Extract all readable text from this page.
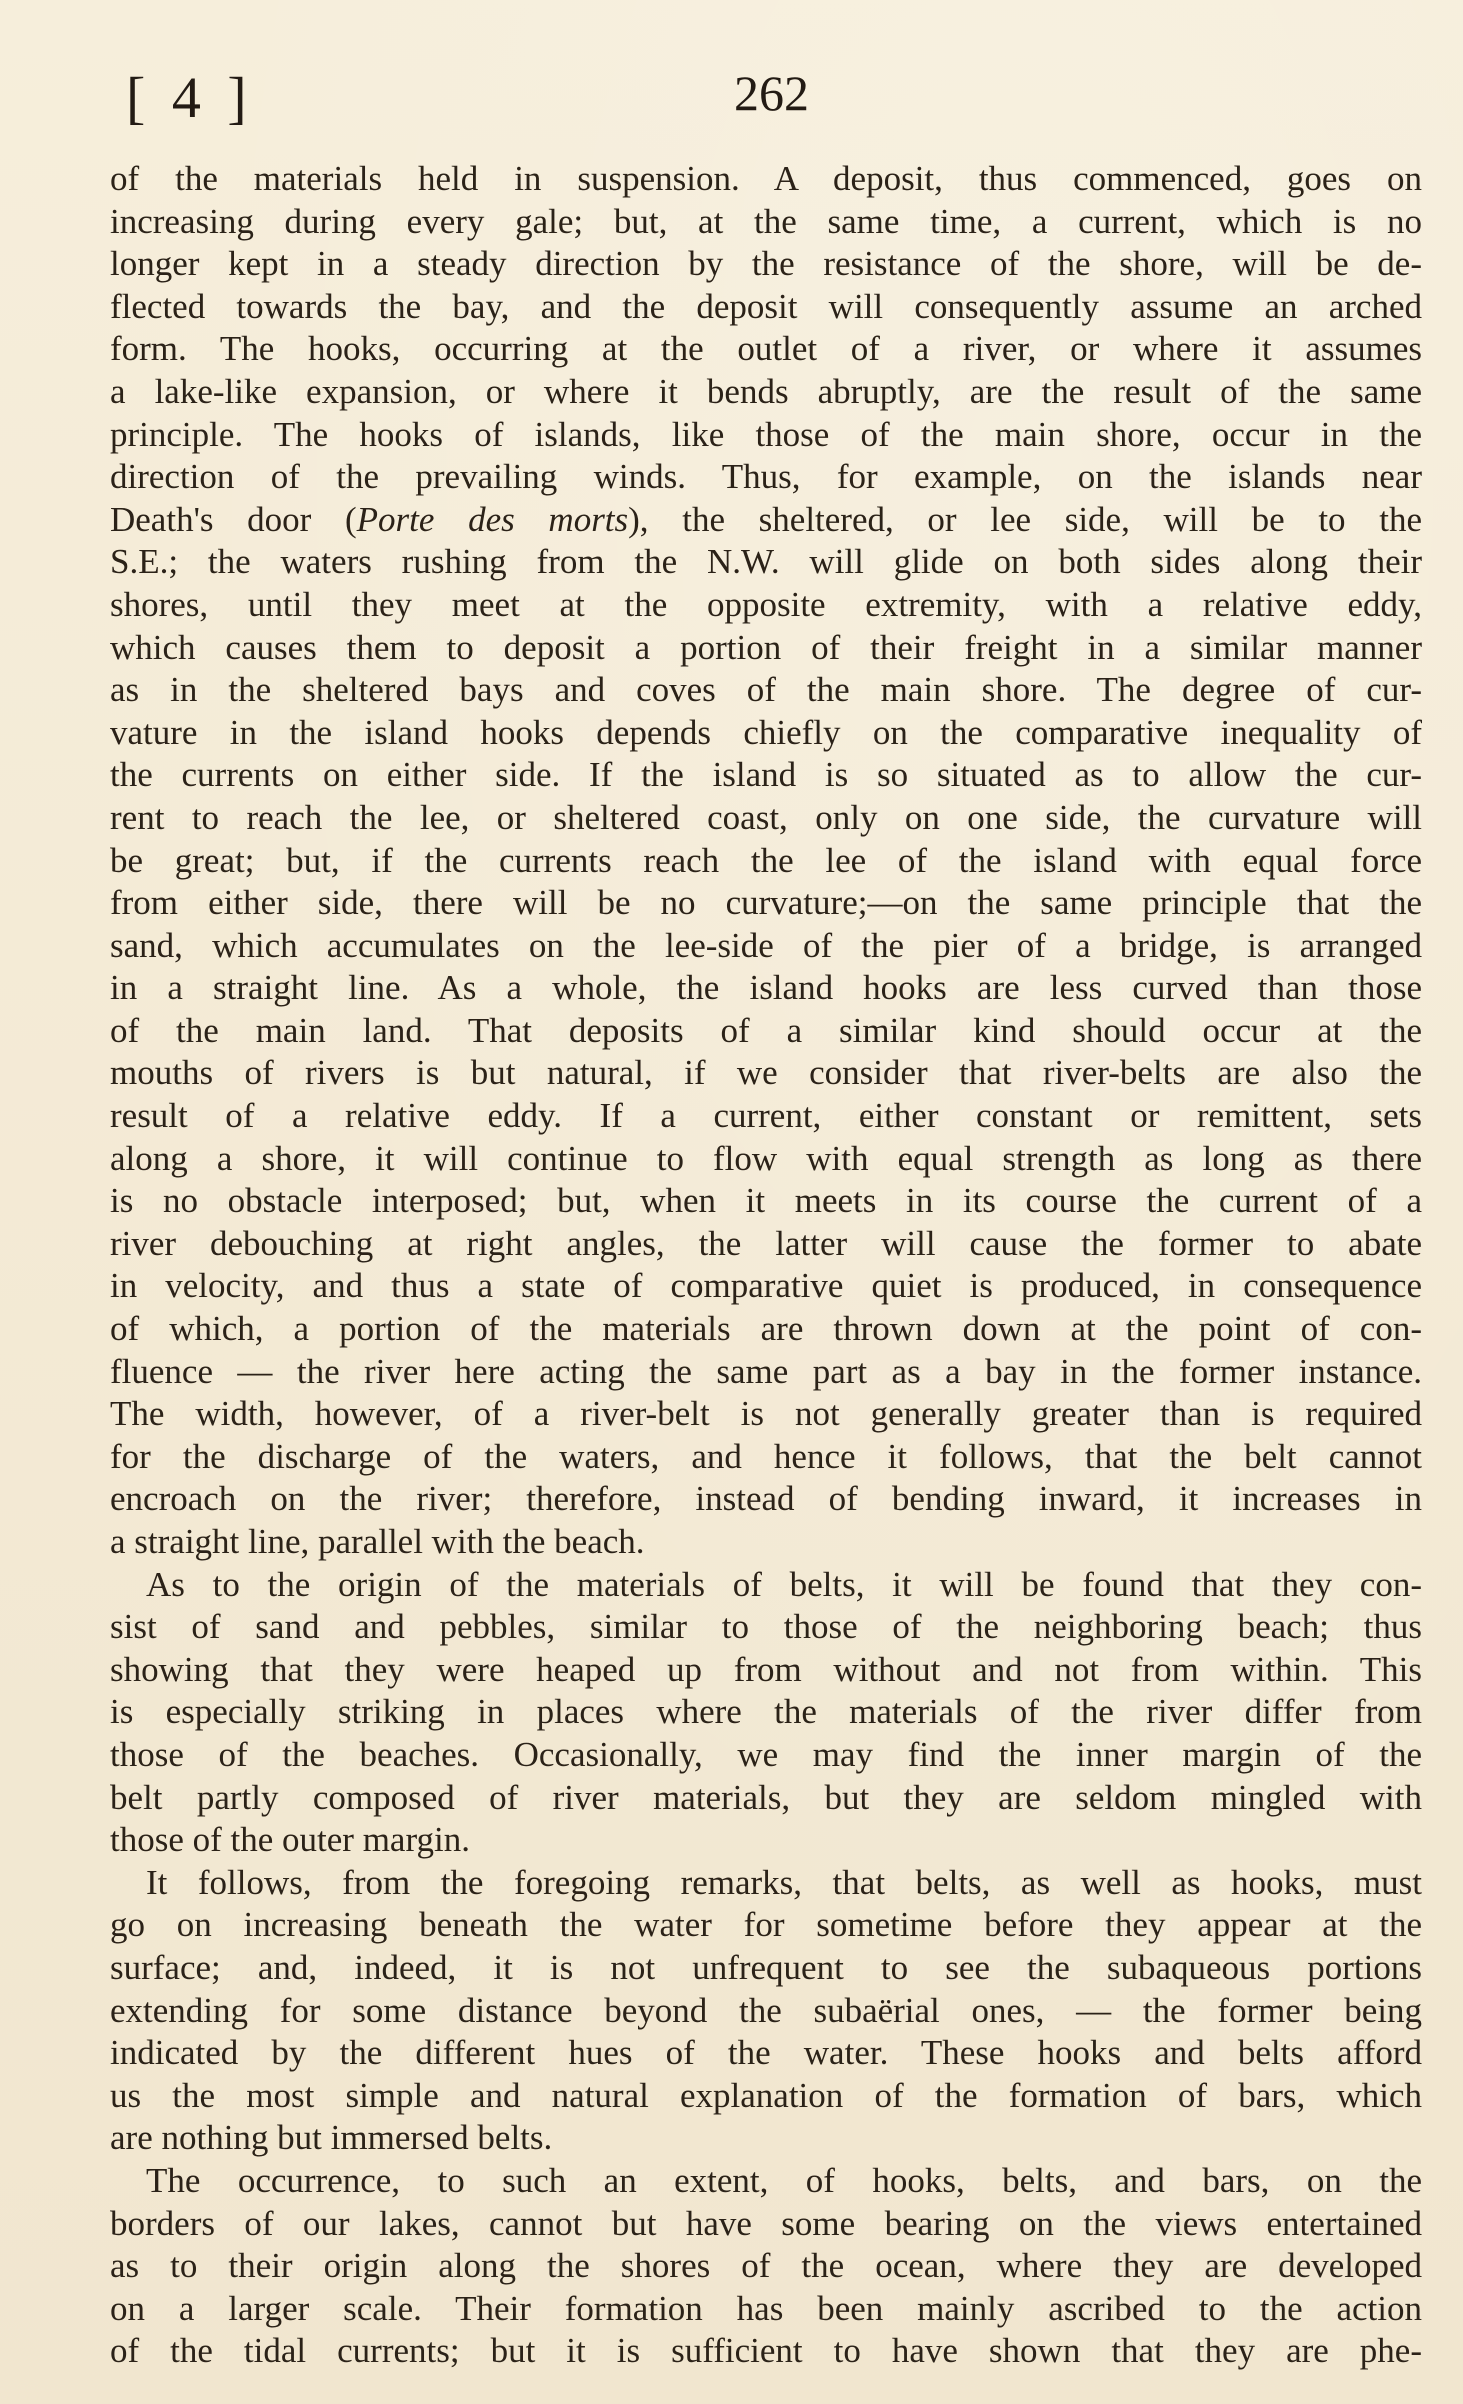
[ 4 ]	262
of the materials held in suspension. A deposit, thus commenced, goes on
increasing during every gale; but, at the same time, a current, which is no
longer kept in a steady direction by the resistance of the shore, will be de-
flected towards the bay, and the deposit will consequently assume an arched
form. The hooks, occurring at the outlet of a river, or where it assumes
a lake-like expansion, or where it bends abruptly, are the result of the same
principle. The hooks of islands, like those of the main shore, occur in the
direction of the prevailing winds. Thus, for example, on the islands near
Death's door (Porte des morts), the sheltered, or lee side, will be to the
S.E.; the waters rushing from the N.W. will glide on both sides along their
shores, until they meet at the opposite extremity, with a relative eddy,
which causes them to deposit a portion of their freight in a similar manner
as in the sheltered bays and coves of the main shore. The degree of cur-
vature in the island hooks depends chiefly on the comparative inequality of
the currents on either side. If the island is so situated as to allow the cur-
rent to reach the lee, or sheltered coast, only on one side, the curvature will
be great; but, if the currents reach the lee of the island with equal force
from either side, there will be no curvature;—on the same principle that the
sand, which accumulates on the lee-side of the pier of a bridge, is arranged
in a straight line. As a whole, the island hooks are less curved than those
of the main land. That deposits of a similar kind should occur at the
mouths of rivers is but natural, if we consider that river-belts are also the
result of a relative eddy. If a current, either constant or remittent, sets
along a shore, it will continue to flow with equal strength as long as there
is no obstacle interposed; but, when it meets in its course the current of a
river debouching at right angles, the latter will cause the former to abate
in velocity, and thus a state of comparative quiet is produced, in consequence
of which, a portion of the materials are thrown down at the point of con-
fluence — the river here acting the same part as a bay in the former instance.
The width, however, of a river-belt is not generally greater than is required
for the discharge of the waters, and hence it follows, that the belt cannot
encroach on the river; therefore, instead of bending inward, it increases in
a straight line, parallel with the beach.
As to the origin of the materials of belts, it will be found that they con-
sist of sand and pebbles, similar to those of the neighboring beach; thus
showing that they were heaped up from without and not from within. This
is especially striking in places where the materials of the river differ from
those of the beaches. Occasionally, we may find the inner margin of the
belt partly composed of river materials, but they are seldom mingled with
those of the outer margin.
It follows, from the foregoing remarks, that belts, as well as hooks, must
go on increasing beneath the water for sometime before they appear at the
surface; and, indeed, it is not unfrequent to see the subaqueous portions
extending for some distance beyond the subaërial ones, — the former being
indicated by the different hues of the water. These hooks and belts afford
us the most simple and natural explanation of the formation of bars, which
are nothing but immersed belts.
The occurrence, to such an extent, of hooks, belts, and bars, on the
borders of our lakes, cannot but have some bearing on the views entertained
as to their origin along the shores of the ocean, where they are developed
on a larger scale. Their formation has been mainly ascribed to the action
of the tidal currents; but it is sufficient to have shown that they are phe-
